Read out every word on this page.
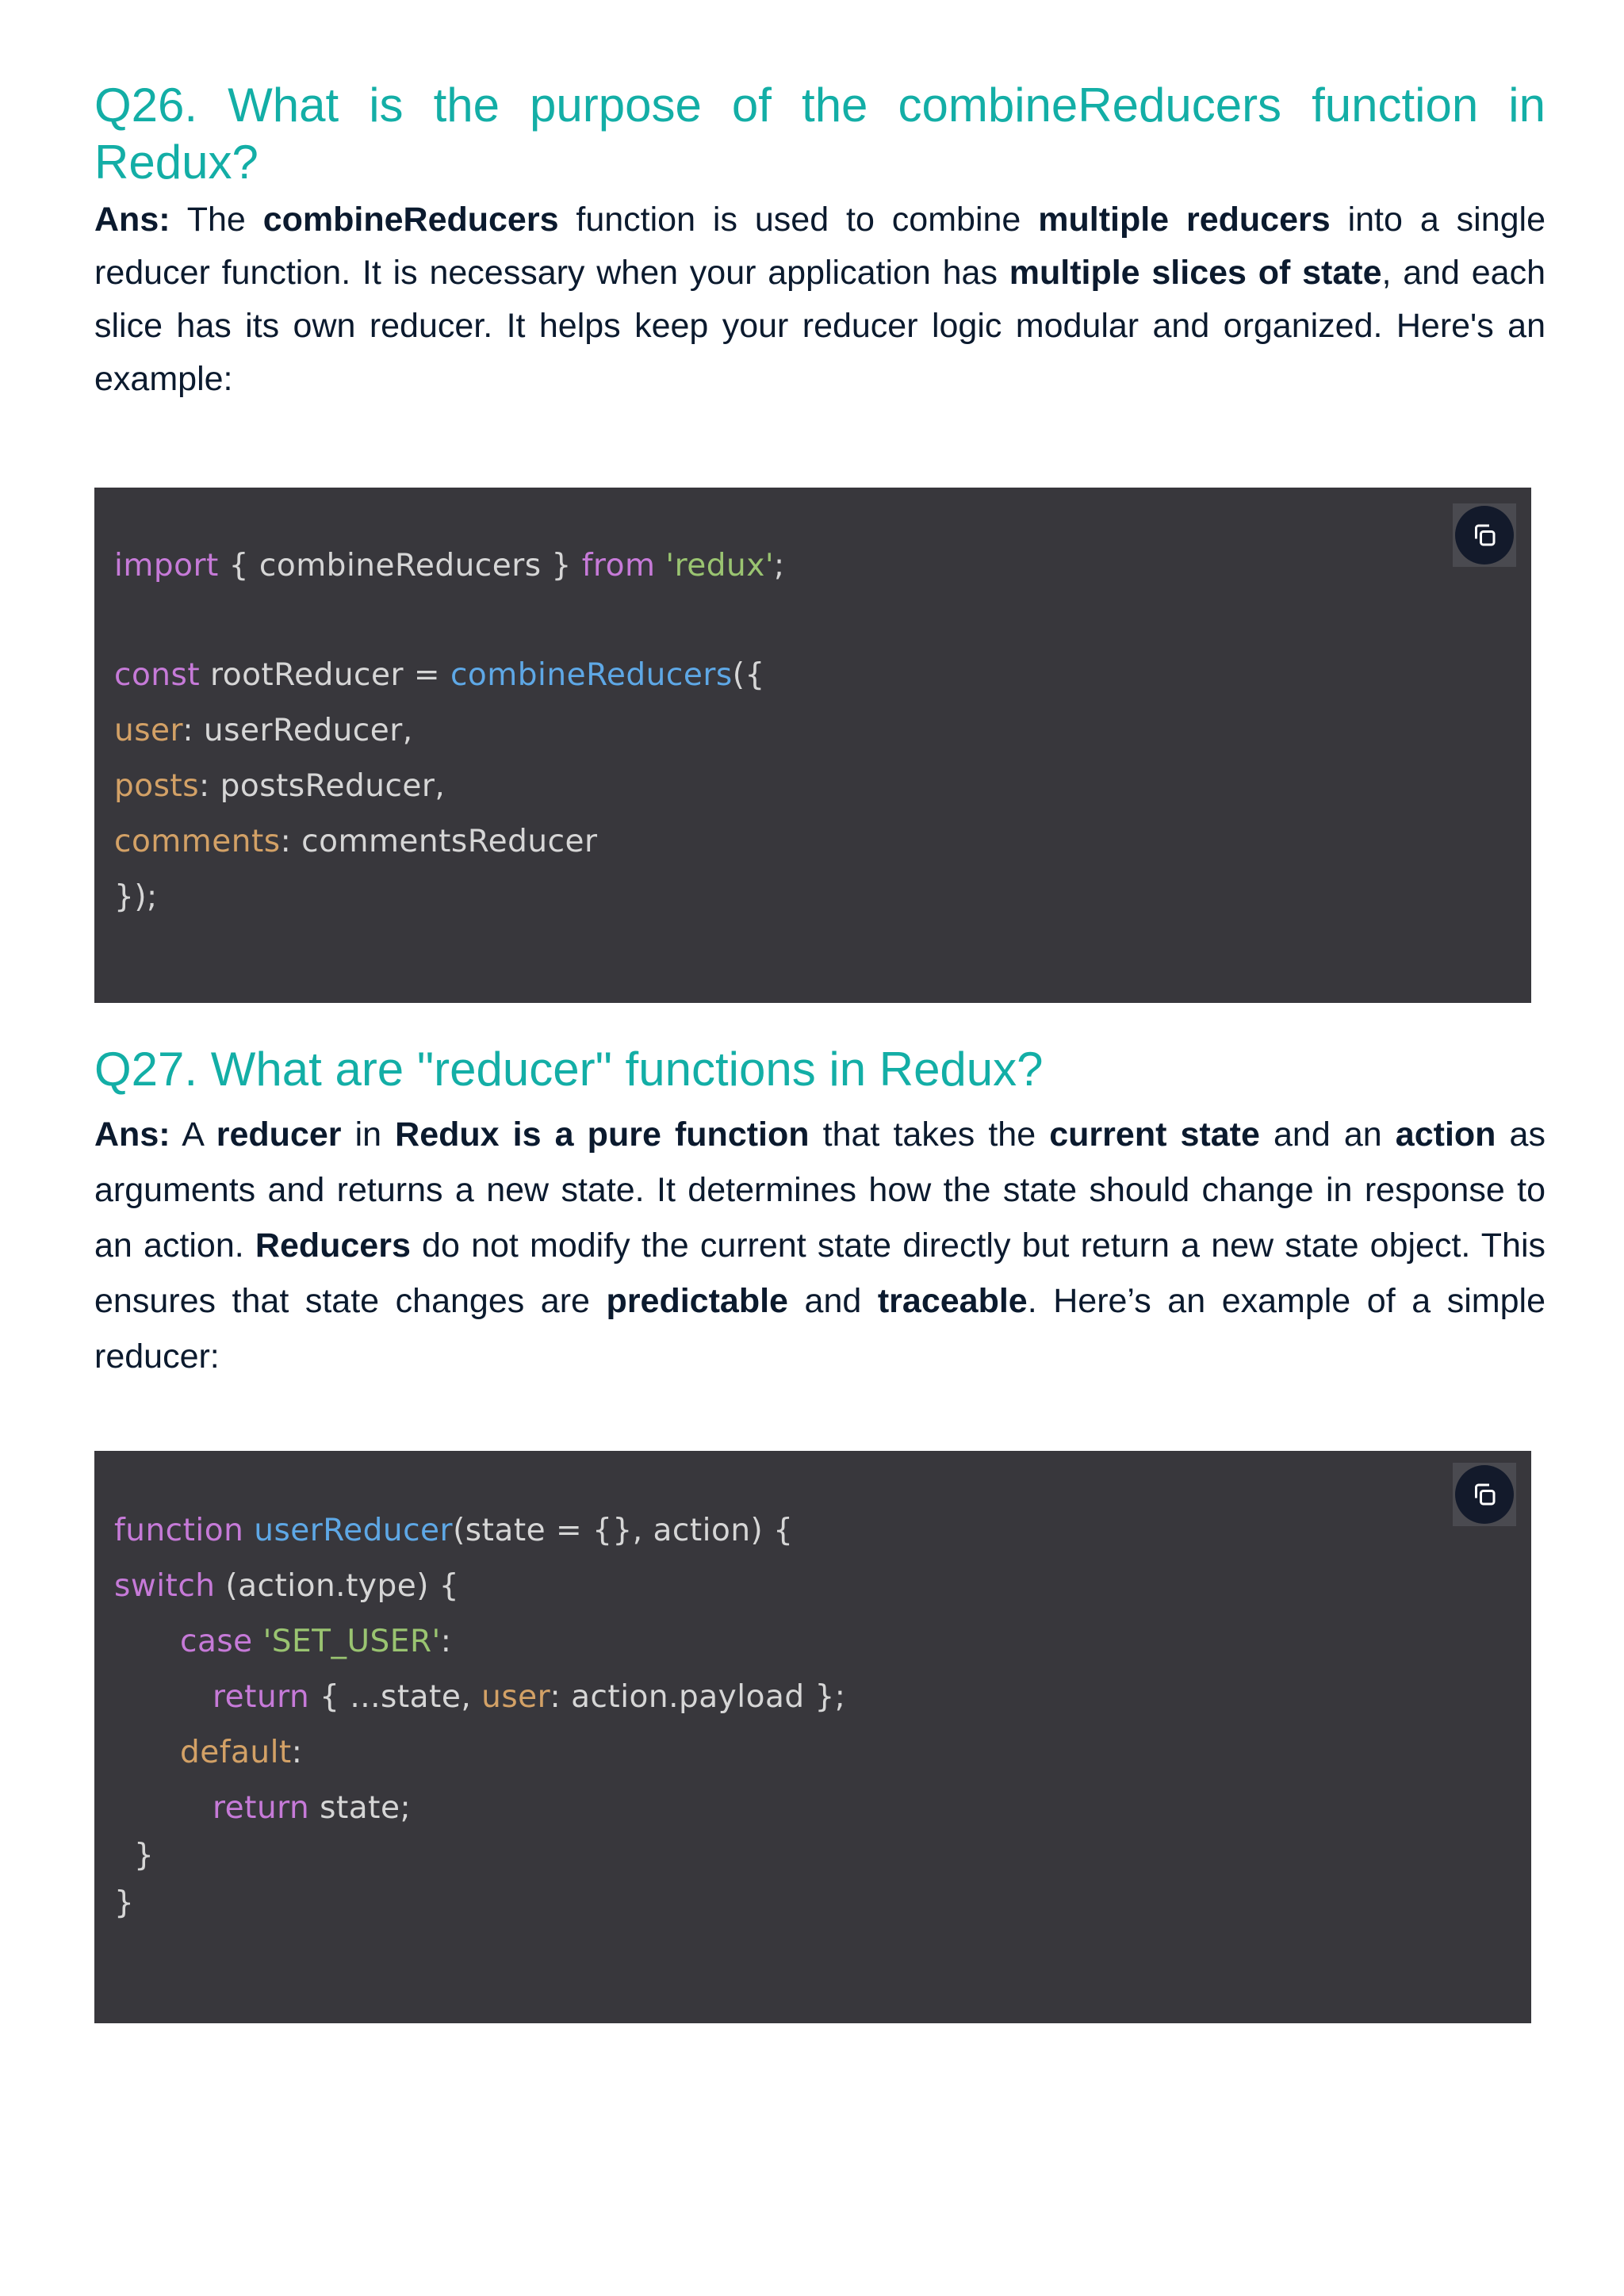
Q26. What is the purpose of the combineReducers function in Redux?

Ans: The combineReducers function is used to combine multiple reducers into a single reducer function. It is necessary when your application has multiple slices of state, and each slice has its own reducer. It helps keep your reducer logic modular and organized. Here's an example:

import { combineReducers } from 'redux';
const rootReducer = combineReducers({
user: userReducer,
posts: postsReducer,
comments: commentsReducer
});
Q27. What are "reducer" functions in Redux?

Ans: A reducer in Redux is a pure function that takes the current state and an action as arguments and returns a new state. It determines how the state should change in response to an action. Reducers do not modify the current state directly but return a new state object. This ensures that state changes are predictable and traceable. Here’s an example of a simple reducer:

function userReducer(state = {}, action) {
switch (action.type) {
case 'SET_USER':
return { ...state, user: action.payload };
default:
return state;
}
}
